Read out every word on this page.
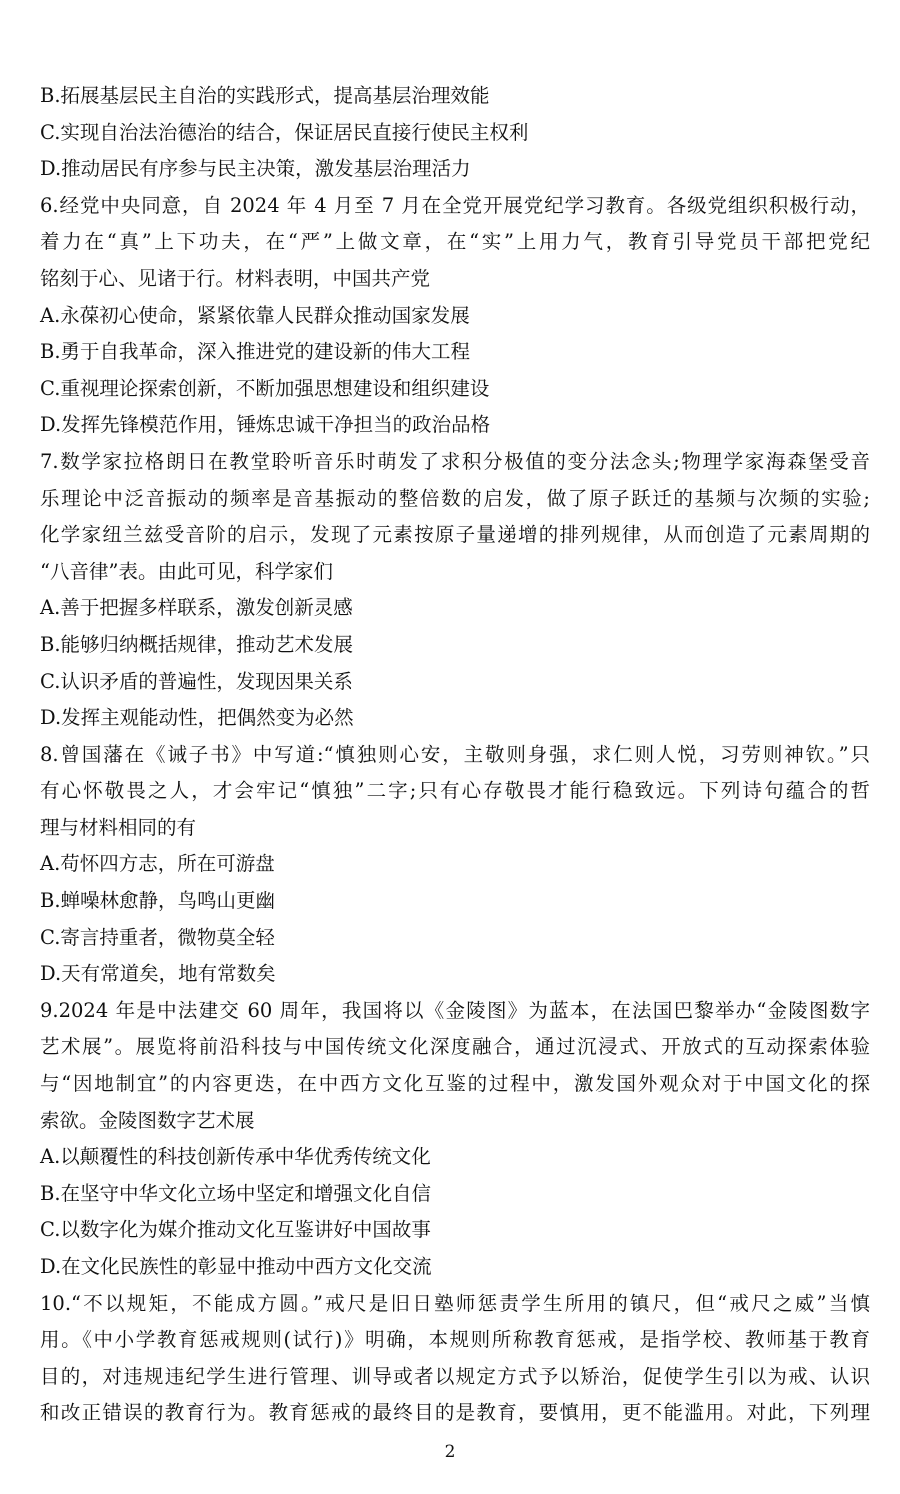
B.拓展基层民主自治的实践形式，提高基层治理效能
C.实现自治法治德治的结合，保证居民直接行使民主权利
D.推动居民有序参与民主决策，激发基层治理活力
6.经党中央同意，自 2024 年 4 月至 7 月在全党开展党纪学习教育。各级党组织积极行动，
着力在“真”上下功夫，在“严”上做文章，在“实”上用力气，教育引导党员干部把党纪
铭刻于心、见诸于行。材料表明，中国共产党
A.永葆初心使命，紧紧依靠人民群众推动国家发展
B.勇于自我革命，深入推进党的建设新的伟大工程
C.重视理论探索创新，不断加强思想建设和组织建设
D.发挥先锋模范作用，锤炼忠诚干净担当的政治品格
7.数学家拉格朗日在教堂聆听音乐时萌发了求积分极值的变分法念头;物理学家海森堡受音
乐理论中泛音振动的频率是音基振动的整倍数的启发，做了原子跃迁的基频与次频的实验;
化学家纽兰兹受音阶的启示，发现了元素按原子量递增的排列规律，从而创造了元素周期的
“八音律”表。由此可见，科学家们
A.善于把握多样联系，激发创新灵感
B.能够归纳概括规律，推动艺术发展
C.认识矛盾的普遍性，发现因果关系
D.发挥主观能动性，把偶然变为必然
8.曾国藩在《诫子书》中写道:“慎独则心安，主敬则身强，求仁则人悦，习劳则神钦。”只
有心怀敬畏之人，才会牢记“慎独”二字;只有心存敬畏才能行稳致远。下列诗句蕴合的哲
理与材料相同的有
A.苟怀四方志，所在可游盘
B.蝉噪林愈静，鸟鸣山更幽
C.寄言持重者，微物莫全轻
D.天有常道矣，地有常数矣
9.2024 年是中法建交 60 周年，我国将以《金陵图》为蓝本，在法国巴黎举办“金陵图数字
艺术展”。展览将前沿科技与中国传统文化深度融合，通过沉浸式、开放式的互动探索体验
与“因地制宜”的内容更迭，在中西方文化互鉴的过程中，激发国外观众对于中国文化的探
索欲。金陵图数字艺术展
A.以颠覆性的科技创新传承中华优秀传统文化
B.在坚守中华文化立场中坚定和增强文化自信
C.以数字化为媒介推动文化互鉴讲好中国故事
D.在文化民族性的彰显中推动中西方文化交流
10.“不以规矩，不能成方圆。”戒尺是旧日塾师惩责学生所用的镇尺，但“戒尺之威”当慎
用。《中小学教育惩戒规则(试行)》明确，本规则所称教育惩戒，是指学校、教师基于教育
目的，对违规违纪学生进行管理、训导或者以规定方式予以矫治，促使学生引以为戒、认识
和改正错误的教育行为。教育惩戒的最终目的是教育，要慎用，更不能滥用。对此，下列理
2
